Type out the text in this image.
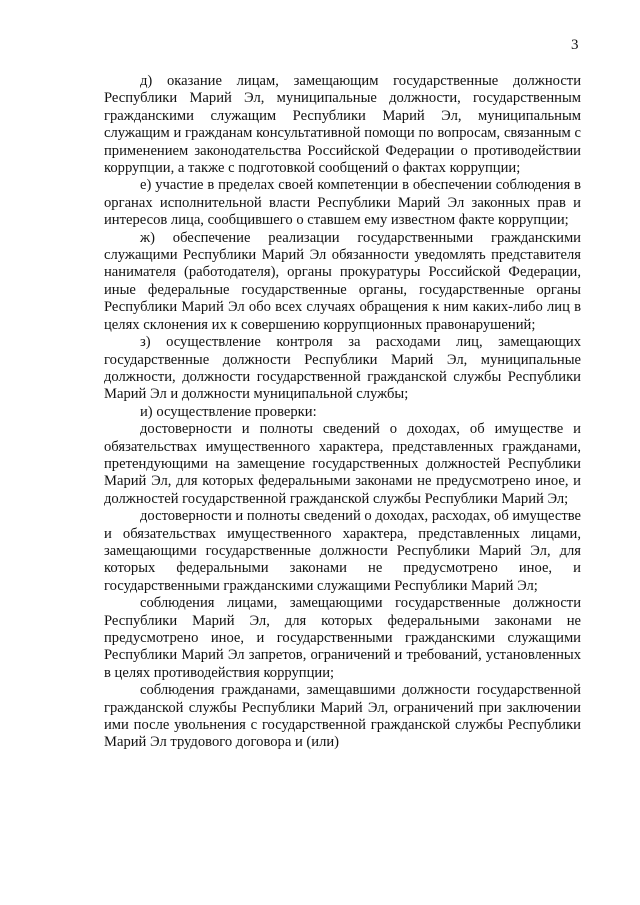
3

д) оказание лицам, замещающим государственные должности Республики Марий Эл, муниципальные должности, государственным гражданскими служащим Республики Марий Эл, муниципальным служащим и гражданам консультативной помощи по вопросам, связанным с применением законодательства Российской Федерации о противодействии коррупции, а также с подготовкой сообщений о фактах коррупции;

е) участие в пределах своей компетенции в обеспечении соблюдения в органах исполнительной власти Республики Марий Эл законных прав и интересов лица, сообщившего о ставшем ему известном факте коррупции;

ж) обеспечение реализации государственными гражданскими служащими Республики Марий Эл обязанности уведомлять представителя нанимателя (работодателя), органы прокуратуры Российской Федерации, иные федеральные государственные органы, государственные органы Республики Марий Эл обо всех случаях обращения к ним каких-либо лиц в целях склонения их к совершению коррупционных правонарушений;

з) осуществление контроля за расходами лиц, замещающих государственные должности Республики Марий Эл, муниципальные должности, должности государственной гражданской службы Республики Марий Эл и должности муниципальной службы;

и) осуществление проверки:

достоверности и полноты сведений о доходах, об имуществе и обязательствах имущественного характера, представленных гражданами, претендующими на замещение государственных должностей Республики Марий Эл, для которых федеральными законами не предусмотрено иное, и должностей государственной гражданской службы Республики Марий Эл;

достоверности и полноты сведений о доходах, расходах, об имуществе и обязательствах имущественного характера, представленных лицами, замещающими государственные должности Республики Марий Эл, для которых федеральными законами не предусмотрено иное, и государственными гражданскими служащими Республики Марий Эл;

соблюдения лицами, замещающими государственные должности Республики Марий Эл, для которых федеральными законами не предусмотрено иное, и государственными гражданскими служащими Республики Марий Эл запретов, ограничений и требований, установленных в целях противодействия коррупции;

соблюдения гражданами, замещавшими должности государственной гражданской службы Республики Марий Эл, ограничений при заключении ими после увольнения с государственной гражданской службы Республики Марий Эл трудового договора и (или)
